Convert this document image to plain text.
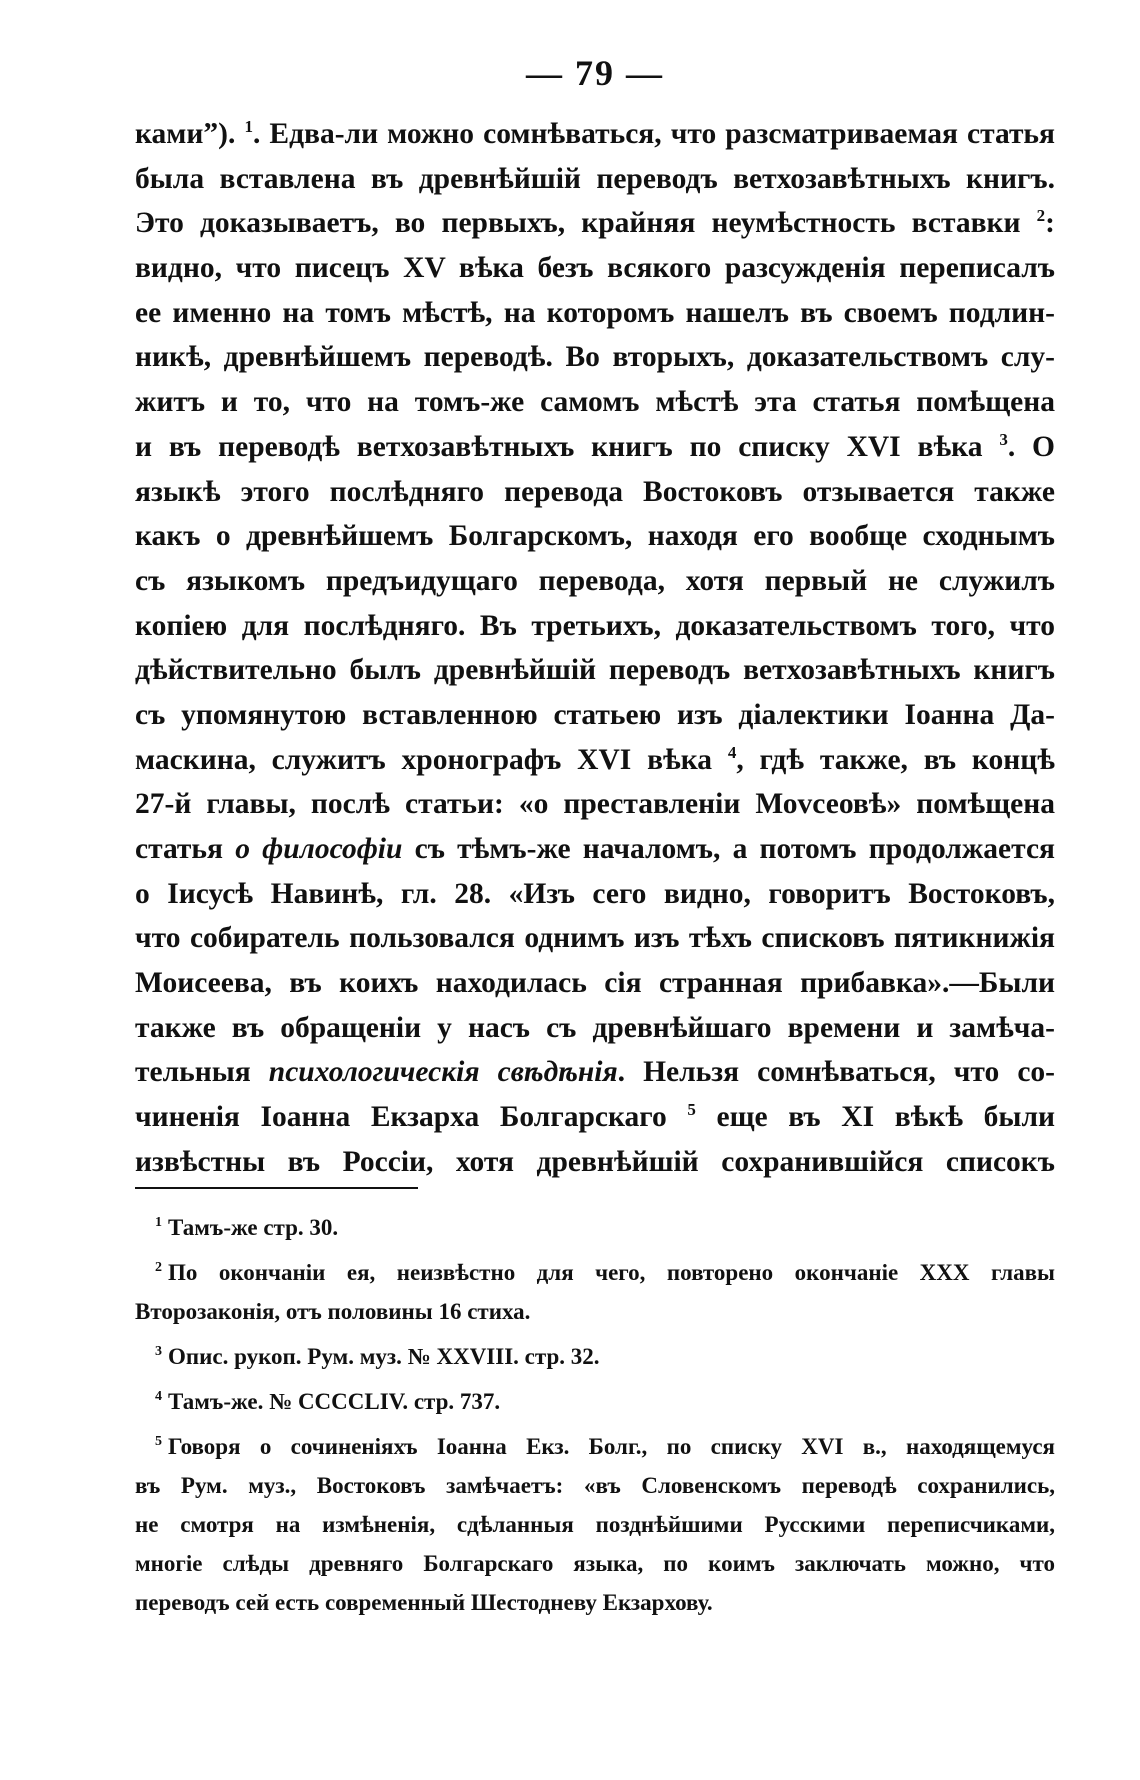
— 79 —
камиˮ). $^1$. Едва-ли можно сомнѣваться, что разсматриваемая статья
была вставлена въ древнѣйшій переводъ ветхозавѣтныхъ книгъ.
Это доказываетъ, во первыхъ, крайняя неумѣстность вставки $^2$:
видно, что писецъ XV вѣка безъ всякого разсужденія переписалъ
ее именно на томъ мѣстѣ, на которомъ нашелъ въ своемъ подлин-
никѣ, древнѣйшемъ переводѣ. Во вторыхъ, доказательствомъ слу-
житъ и то, что на томъ-же самомъ мѣстѣ эта статья помѣщена
и въ переводѣ ветхозавѣтныхъ книгъ по списку XVI вѣка $^3$. О
языкѣ этого послѣдняго перевода Востоковъ отзывается также
какъ о древнѣйшемъ Болгарскомъ, находя его вообще сходнымъ
съ языкомъ предъидущаго перевода, хотя первый не служилъ
копіею для послѣдняго. Въ третьихъ, доказательствомъ того, что
дѣйствительно былъ древнѣйшій переводъ ветхозавѣтныхъ книгъ
съ упомянутою вставленною статьею изъ діалектики Іоанна Да-
маскина, служитъ хронографъ XVI вѣка $^4$, гдѣ также, въ концѣ
27-й главы, послѣ статьи: «о преставленіи Моvсеовѣ» помѣщена
статья о философіи съ тѣмъ-же началомъ, а потомъ продолжается
о Іисусѣ Навинѣ, гл. 28. «Изъ сего видно, говоритъ Востоковъ,
что собиратель пользовался однимъ изъ тѣхъ списковъ пятикнижія
Моисеева, въ коихъ находилась сія странная прибавка».—Были
также въ обращеніи у насъ съ древнѣйшаго времени и замѣча-
тельныя психологическія свѣдѣнія. Нельзя сомнѣваться, что со-
чиненія Іоанна Екзарха Болгарскаго $^5$ еще въ XI вѣкѣ были
извѣстны въ Россіи, хотя древнѣйшій сохранившійся списокъ
$^1$ Тамъ-же стр. 30.
$^2$ По окончаніи ея, неизвѣстно для чего, повторено окончаніе XXX главы
Второзаконія, отъ половины 16 стиха.
$^3$ Опис. рукоп. Рум. муз. № XXVIII. стр. 32.
$^4$ Тамъ-же. № CCCCLIV. стр. 737.
$^5$ Говоря о сочиненіяхъ Іоанна Екз. Болг., по списку XVI в., находящемуся
въ Рум. муз., Востоковъ замѣчаетъ: «въ Словенскомъ переводѣ сохранились,
не смотря на измѣненія, сдѣланныя позднѣйшими Русскими переписчиками,
многіе слѣды древняго Болгарскаго языка, по коимъ заключать можно, что
переводъ сей есть современный Шестодневу Екзархову.
